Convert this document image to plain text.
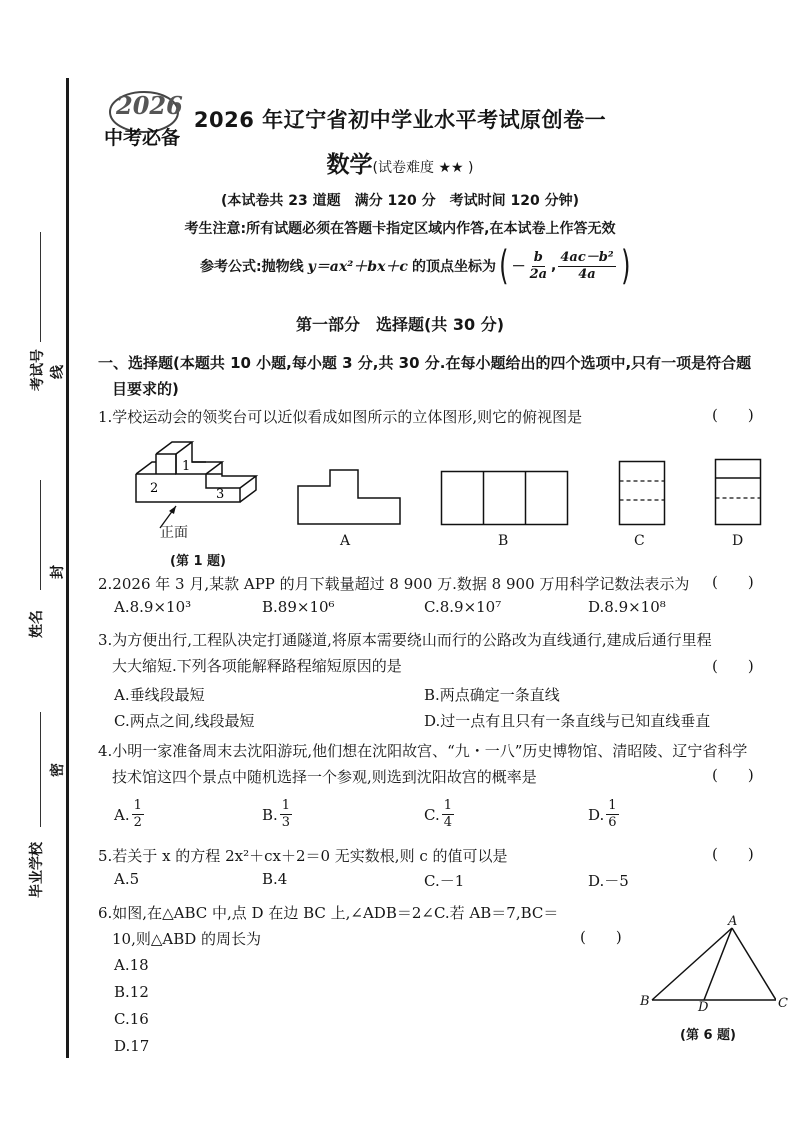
考试号
姓名
毕业学校
线
封
密
2026
中考必备
2026 年辽宁省初中学业水平考试原创卷一
数学(试卷难度 ★★ )
(本试卷共 23 道题　满分 120 分　考试时间 120 分钟)
考生注意:所有试题必须在答题卡指定区域内作答,在本试卷上作答无效
参考公式:抛物线 y＝ax²＋bx＋c 的顶点坐标为 ( － $\frac{b}{2a}$ , $\frac{\text{4ac－b²}}{4a}$ )
第一部分　选择题(共 30 分)
一、选择题(本题共 10 小题,每小题 3 分,共 30 分.在每小题给出的四个选项中,只有一项是符合题
目要求的)
1.学校运动会的领奖台可以近似看成如图所示的立体图形,则它的俯视图是	(　　)
1
2	3
正面
(第 1 题)
A	B	C	D
2.2026 年 3 月,某款 APP 的月下载量超过 8 900 万.数据 8 900 万用科学记数法表示为	(　　)
A.8.9×10³	B.89×10⁶	C.8.9×10⁷	D.8.9×10⁸
3.为方便出行,工程队决定打通隧道,将原本需要绕山而行的公路改为直线通行,建成后通行里程
大大缩短.下列各项能解释路程缩短原因的是	(　　)
A.垂线段最短	B.两点确定一条直线
C.两点之间,线段最短	D.过一点有且只有一条直线与已知直线垂直
4.小明一家准备周末去沈阳游玩,他们想在沈阳故宫、“九・一八”历史博物馆、清昭陵、辽宁省科学
技术馆这四个景点中随机选择一个参观,则选到沈阳故宫的概率是	(　　)
A. $\frac{1}{2}$	B. $\frac{1}{3}$	C. $\frac{1}{4}$	D. $\frac{1}{6}$
5.若关于 x 的方程 2x²＋cx＋2＝0 无实数根,则 c 的值可以是	(　　)
A.5	B.4	C.－1	D.－5
6.如图,在△ABC 中,点 D 在边 BC 上,∠ADB＝2∠C.若 AB＝7,BC＝
10,则△ABD 的周长为	(　　)
A.18
B.12
C.16
D.17
A
B	D	C
(第 6 题)
